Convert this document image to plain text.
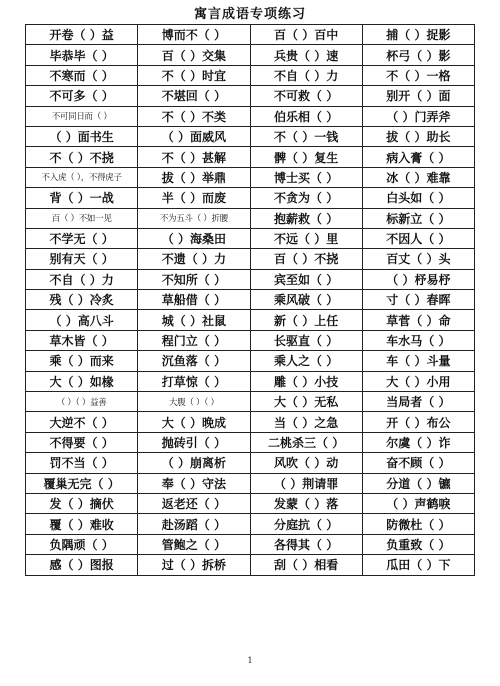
寓言成语专项练习
开卷（ ）益	博而不（ ）	百（ ）百中	捕（ ）捉影
毕恭毕（ ）	百（ ）交集	兵贵（ ）速	杯弓（ ）影
不寒而（ ）	不（ ）时宜	不自（ ）力	不（ ）一格
不可多（ ）	不堪回（ ）	不可救（ ）	别开（ ）面
不可同日而（ ）	不（ ）不类	伯乐相（ ）	（ ）门弄斧
（ ）面书生	（ ）面威风	不（ ）一钱	拔（ ）助长
不（ ）不挠	不（ ）甚解	髀（ ）复生	病入膏（ ）
不入虎（ ），不得虎子	拔（ ）举鼎	博士买（ ）	冰（ ）难靠
背（ ）一战	半（ ）而废	不贪为（ ）	白头如（ ）
百（ ）不如一见	不为五斗（ ）折腰	抱薪救（ ）	标新立（ ）
不学无（ ）	（ ）海桑田	不远（ ）里	不因人（ ）
别有天（ ）	不遗（ ）力	百（ ）不挠	百丈（ ）头
不自（ ）力	不知所（ ）	宾至如（ ）	（ ）杼易杼
残（ ）冷炙	草船借（ ）	乘风破（ ）	寸（ ）春晖
（ ）高八斗	城（ ）社鼠	新（ ）上任	草菅（ ）命
草木皆（ ）	程门立（ ）	长驱直（ ）	车水马（ ）
乘（ ）而来	沉鱼落（ ）	乘人之（ ）	车（ ）斗量
大（ ）如椽	打草惊（ ）	雕（ ）小技	大（ ）小用
（ ）（ ）益善	大腹（ ）（ ）	大（ ）无私	当局者（ ）
大逆不（ ）	大（ ）晚成	当（ ）之急	开（ ）布公
不得要（ ）	抛砖引（ ）	二桃杀三（ ）	尔虞（ ）诈
罚不当（ ）	（ ）崩离析	风吹（ ）动	奋不顾（ ）
覆巢无完（ ）	奉（ ）守法	（ ）荆请罪	分道（ ）镳
发（ ）摘伏	返老还（ ）	发蒙（ ）落	（ ）声鹤唳
覆（ ）难收	赴汤蹈（ ）	分庭抗（ ）	防微杜（ ）
负隅顽（ ）	管鲍之（ ）	各得其（ ）	负重致（ ）
感（ ）图报	过（ ）拆桥	刮（ ）相看	瓜田（ ）下
1
